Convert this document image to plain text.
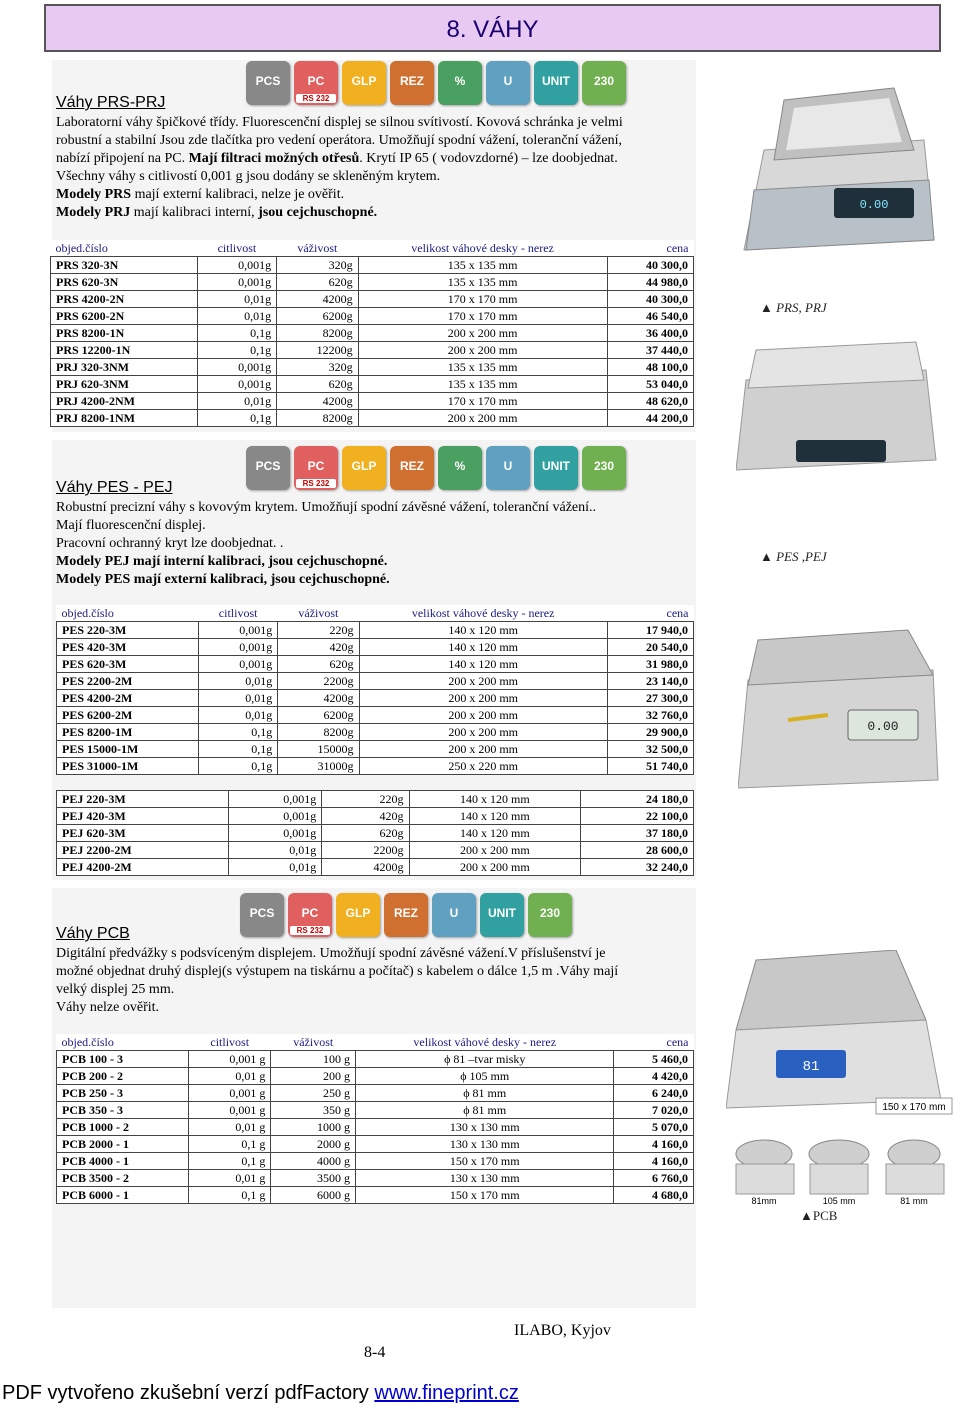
8. VÁHY
PCS	PC
RS 232
GLP	REZ	%	U	UNIT	230
Váhy PRS-PRJ
Laboratorní váhy špičkové třídy. Fluorescenční displej se silnou svítivostí. Kovová schránka je velmi
robustní a stabilní Jsou zde tlačítka pro vedení operátora. Umožňují spodní vážení, toleranční vážení,
nabízí připojení na PC. Mají filtraci možných otřesů. Krytí IP 65 ( vodovzdorné) – lze doobjednat.
Všechny váhy s citlivostí 0,001 g jsou dodány se skleněným krytem.
Modely PRS mají externí kalibraci, nelze je ověřit.
Modely PRJ mají kalibraci interní, jsou cejchuschopné.
objed.číslo	citlivost	váživost	velikost váhové desky - nerez	cena
PRS 320-3N	0,001g	320g	135 x 135 mm	40 300,0
PRS 620-3N	0,001g	620g	135 x 135 mm	44 980,0
PRS 4200-2N	0,01g	4200g	170 x 170 mm	40 300,0
PRS 6200-2N	0,01g	6200g	170 x 170 mm	46 540,0
PRS 8200-1N	0,1g	8200g	200 x 200 mm	36 400,0
PRS 12200-1N	0,1g	12200g	200 x 200 mm	37 440,0
PRJ 320-3NM	0,001g	320g	135 x 135 mm	48 100,0
PRJ 620-3NM	0,001g	620g	135 x 135 mm	53 040,0
PRJ 4200-2NM	0,01g	4200g	170 x 170 mm	48 620,0
PRJ 8200-1NM	0,1g	8200g	200 x 200 mm	44 200,0
0.00
▲ PRS, PRJ
PCS	PC
RS 232
GLP	REZ	%	U	UNIT	230
Váhy PES - PEJ
Robustní precizní váhy s kovovým krytem. Umožňují spodní závěsné vážení, toleranční vážení..
Mají fluorescenční displej.
Pracovní ochranný kryt lze doobjednat. .
Modely PEJ mají interní kalibraci, jsou cejchuschopné.
Modely PES mají externí kalibraci, jsou cejchuschopné.
objed.číslo	citlivost	váživost	velikost váhové desky - nerez	cena
PES 220-3M	0,001g	220g	140 x 120 mm	17 940,0
PES 420-3M	0,001g	420g	140 x 120 mm	20 540,0
PES 620-3M	0,001g	620g	140 x 120 mm	31 980,0
PES 2200-2M	0,01g	2200g	200 x 200 mm	23 140,0
PES 4200-2M	0,01g	4200g	200 x 200 mm	27 300,0
PES 6200-2M	0,01g	6200g	200 x 200 mm	32 760,0
PES 8200-1M	0,1g	8200g	200 x 200 mm	29 900,0
PES 15000-1M	0,1g	15000g	200 x 200 mm	32 500,0
PES 31000-1M	0,1g	31000g	250 x 220 mm	51 740,0
PEJ 220-3M	0,001g	220g	140 x 120 mm	24 180,0
PEJ 420-3M	0,001g	420g	140 x 120 mm	22 100,0
PEJ 620-3M	0,001g	620g	140 x 120 mm	37 180,0
PEJ 2200-2M	0,01g	2200g	200 x 200 mm	28 600,0
PEJ 4200-2M	0,01g	4200g	200 x 200 mm	32 240,0
▲ PES ,PEJ
0.00
PCS	PC
RS 232
GLP	REZ	U	UNIT	230
Váhy PCB
Digitální předvážky s podsvíceným displejem. Umožňují spodní závěsné vážení.V příslušenství je
možné objednat druhý displej(s výstupem na tiskárnu a počítač) s kabelem o dálce 1,5 m .Váhy mají
velký displej 25 mm.
Váhy nelze ověřit.
objed.číslo	citlivost	váživost	velikost váhové desky - nerez	cena
PCB 100 - 3	0,001 g	100 g	ϕ 81 –tvar misky	5 460,0
PCB 200 - 2	0,01 g	200 g	ϕ 105 mm	4 420,0
PCB 250 - 3	0,001 g	250 g	ϕ 81 mm	6 240,0
PCB 350 - 3	0,001 g	350 g	ϕ 81 mm	7 020,0
PCB 1000 - 2	0,01 g	1000 g	130 x 130 mm	5 070,0
PCB 2000 - 1	0,1 g	2000 g	130 x 130 mm	4 160,0
PCB 4000 - 1	0,1 g	4000 g	150 x 170 mm	4 160,0
PCB 3500 - 2	0,01 g	3500 g	130 x 130 mm	6 760,0
PCB 6000 - 1	0,1 g	6000 g	150 x 170 mm	4 680,0
81
150 x 170 mm
81mm	105 mm	81 mm
▲PCB
8-4
ILABO, Kyjov
PDF vytvořeno zkušební verzí pdfFactory www.fineprint.cz
